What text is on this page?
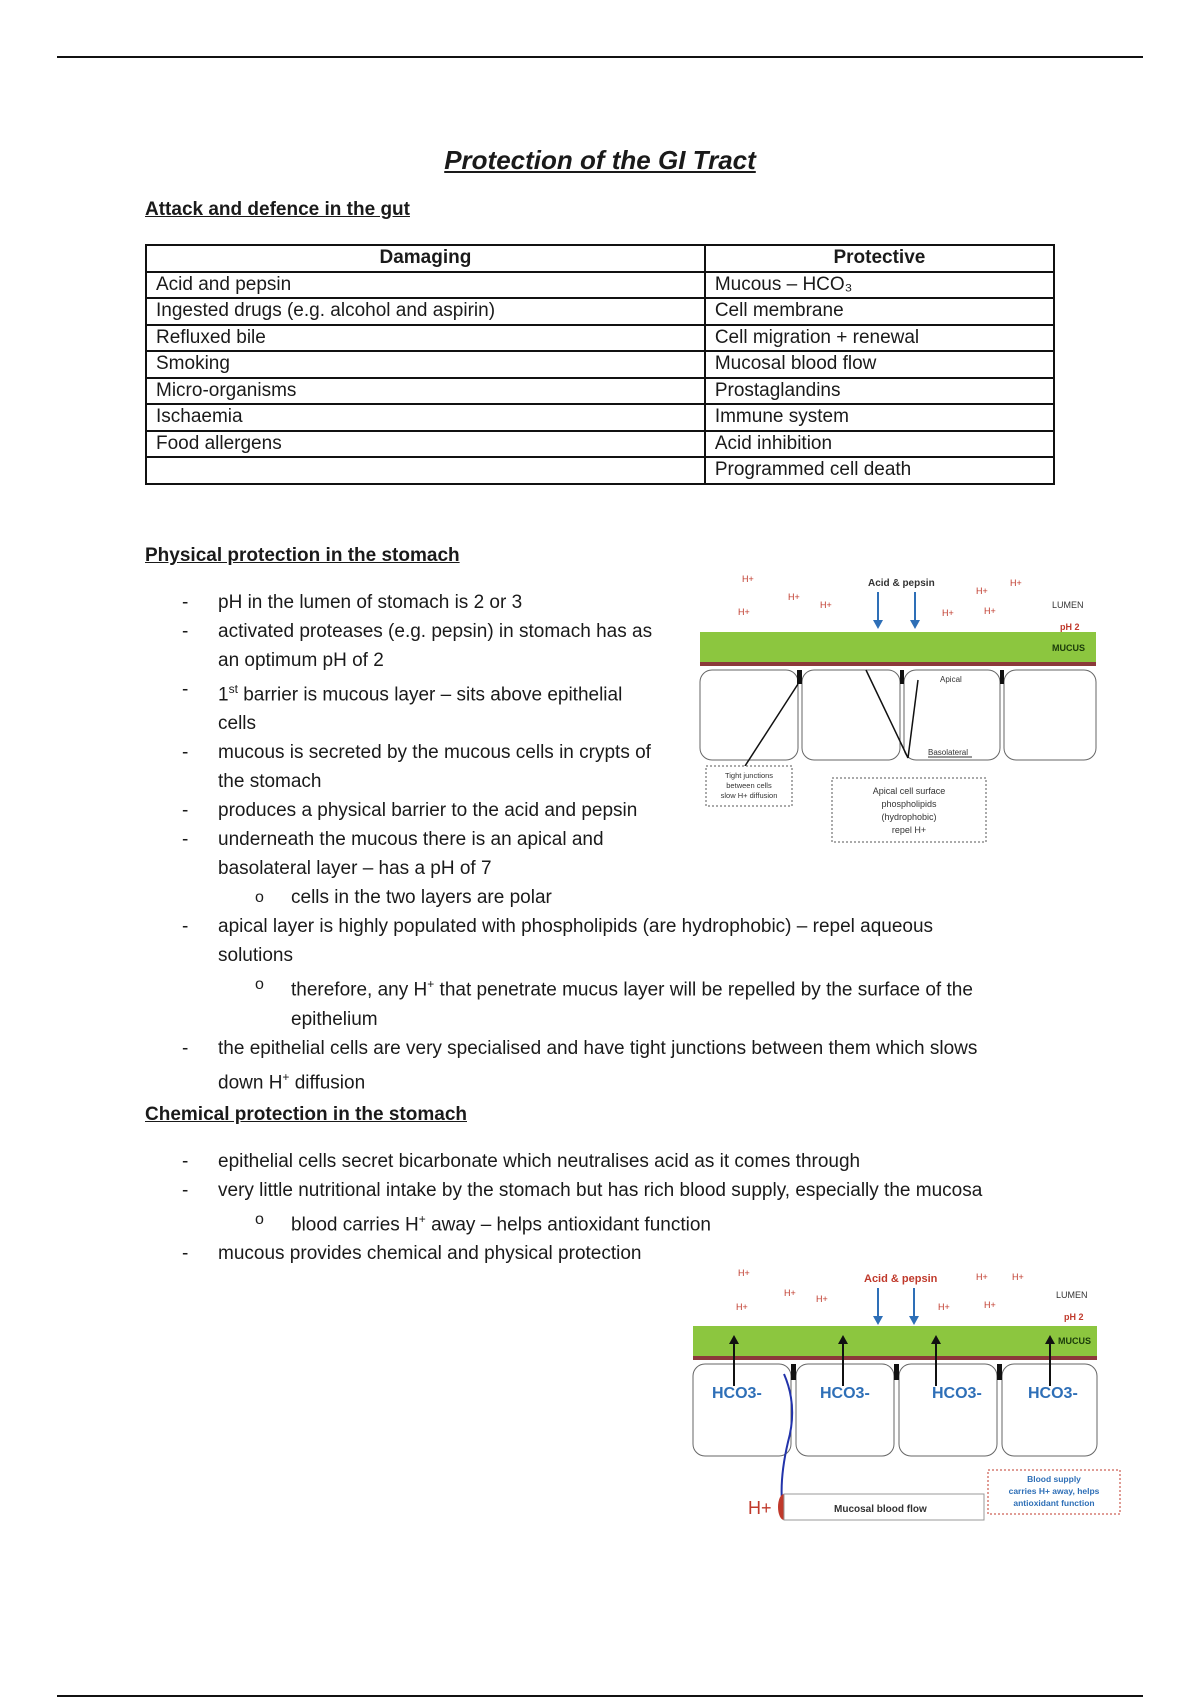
Protection of the GI Tract
Attack and defence in the gut
Damaging	Protective
Acid and pepsin	Mucous – HCO₃
Ingested drugs (e.g. alcohol and aspirin)	Cell membrane
Refluxed bile	Cell migration + renewal
Smoking	Mucosal blood flow
Micro-organisms	Prostaglandins
Ischaemia	Immune system
Food allergens	Acid inhibition
	Programmed cell death
Physical protection in the stomach
- pH in the lumen of stomach is 2 or 3
- activated proteases (e.g. pepsin) in stomach has as
an optimum pH of 2
- 1st barrier is mucous layer – sits above epithelial
cells
- mucous is secreted by the mucous cells in crypts of
the stomach
- produces a physical barrier to the acid and pepsin
- underneath the mucous there is an apical and
basolateral layer – has a pH of 7
o cells in the two layers are polar
- apical layer is highly populated with phospholipids (are hydrophobic) – repel aqueous
solutions
o therefore, any H+ that penetrate mucus layer will be repelled by the surface of the
epithelium
- the epithelial cells are very specialised and have tight junctions between them which slows
down H+ diffusion
H+
H+
H+
H+
H+
H+
H+
H+
Acid & pepsin
LUMEN
pH 2
MUCUS
Apical
Basolateral
Tight junctions
between cells
slow H+ diffusion	Apical cell surface
phospholipids
(hydrophobic)
repel H+
Chemical protection in the stomach
- epithelial cells secret bicarbonate which neutralises acid as it comes through
- very little nutritional intake by the stomach but has rich blood supply, especially the mucosa
o blood carries H+ away – helps antioxidant function
- mucous provides chemical and physical protection
H+
H+
H+
H+
H+
H+
H+
H+
Acid & pepsin
LUMEN
pH 2
MUCUS
HCO3-	HCO3-	HCO3-	HCO3-
H+	Mucosal blood flow
Blood supply
carries H+ away, helps
antioxidant function
